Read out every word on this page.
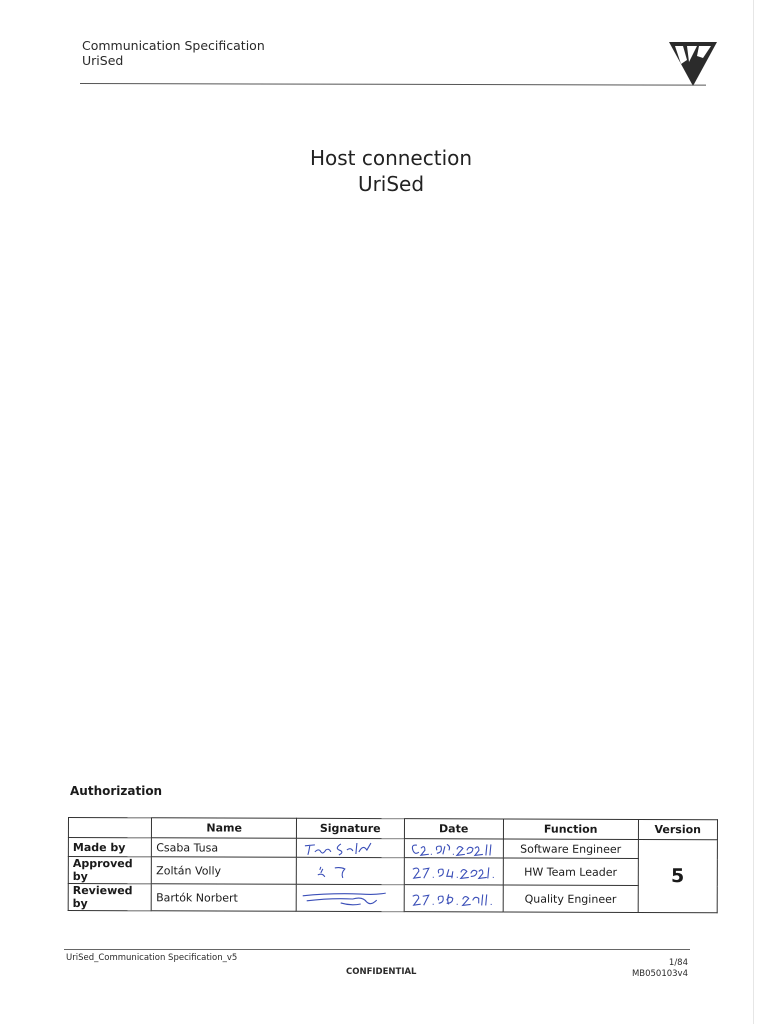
Communication Specification
UriSed
Host connection
UriSed
Authorization
	Name	Signature	Date	Function	Version
Made by	Csaba Tusa			Software Engineer	5
Approved by	Zoltán Volly			HW Team Leader	
Reviewed by	Bartók Norbert			Quality Engineer	
UriSed_Communication Specification_v5
CONFIDENTIAL
1/84
MB050103v4
